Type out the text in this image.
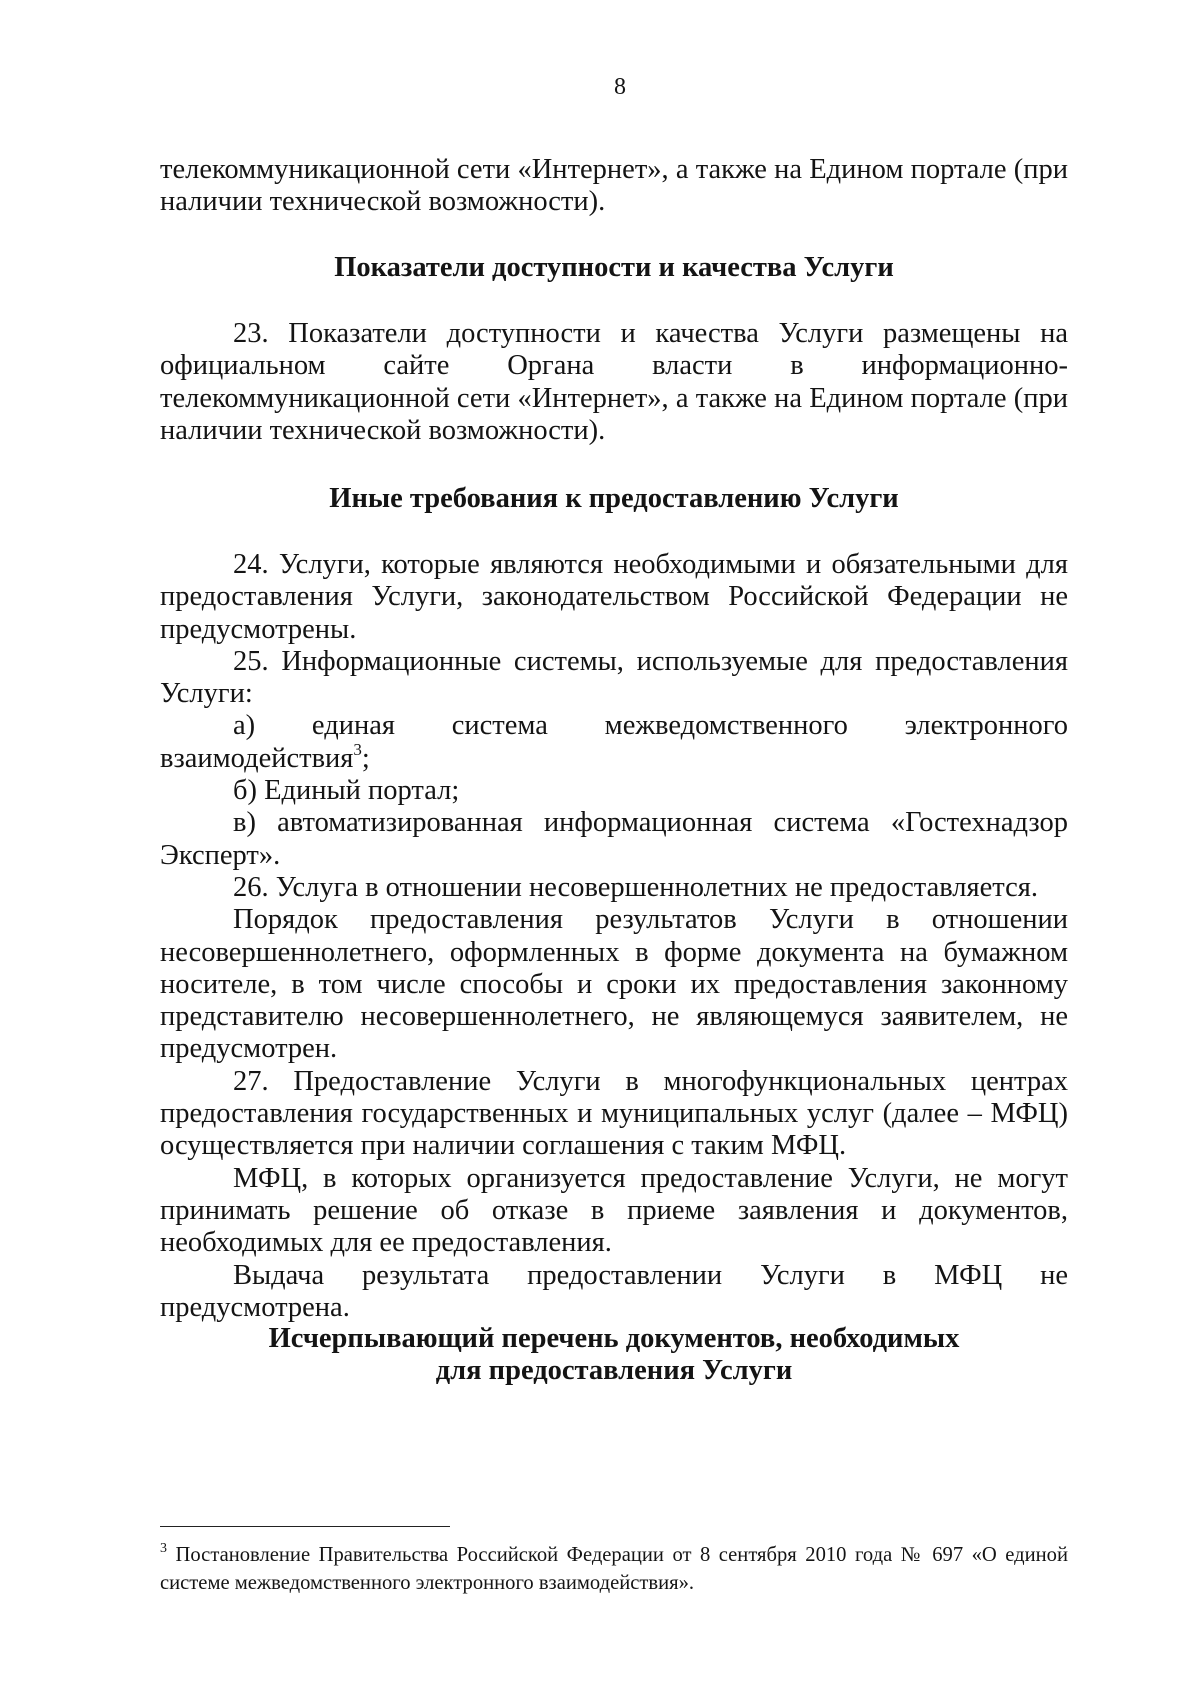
8

телекоммуникационной сети «Интернет», а также на Едином портале (при наличии технической возможности).

Показатели доступности и качества Услуги

23. Показатели доступности и качества Услуги размещены на официальном сайте Органа власти в информационно-телекоммуникационной сети «Интернет», а также на Едином портале (при наличии технической возможности).

Иные требования к предоставлению Услуги

24. Услуги, которые являются необходимыми и обязательными для предоставления Услуги, законодательством Российской Федерации не предусмотрены.

25. Информационные системы, используемые для предоставления Услуги:

а) единая система межведомственного электронного взаимодействия$^3$;

б) Единый портал;

в) автоматизированная информационная система «Гостехнадзор Эксперт».

26. Услуга в отношении несовершеннолетних не предоставляется.

Порядок предоставления результатов Услуги в отношении несовершеннолетнего, оформленных в форме документа на бумажном носителе, в том числе способы и сроки их предоставления законному представителю несовершеннолетнего, не являющемуся заявителем, не предусмотрен.

27. Предоставление Услуги в многофункциональных центрах предоставления государственных и муниципальных услуг (далее – МФЦ) осуществляется при наличии соглашения с таким МФЦ.

МФЦ, в которых организуется предоставление Услуги, не могут принимать решение об отказе в приеме заявления и документов, необходимых для ее предоставления.

Выдача результата предоставлении Услуги в МФЦ не предусмотрена.

Исчерпывающий перечень документов, необходимых
для предоставления Услуги

$^3$ Постановление Правительства Российской Федерации от 8 сентября 2010 года № 697 «О единой системе межведомственного электронного взаимодействия».
